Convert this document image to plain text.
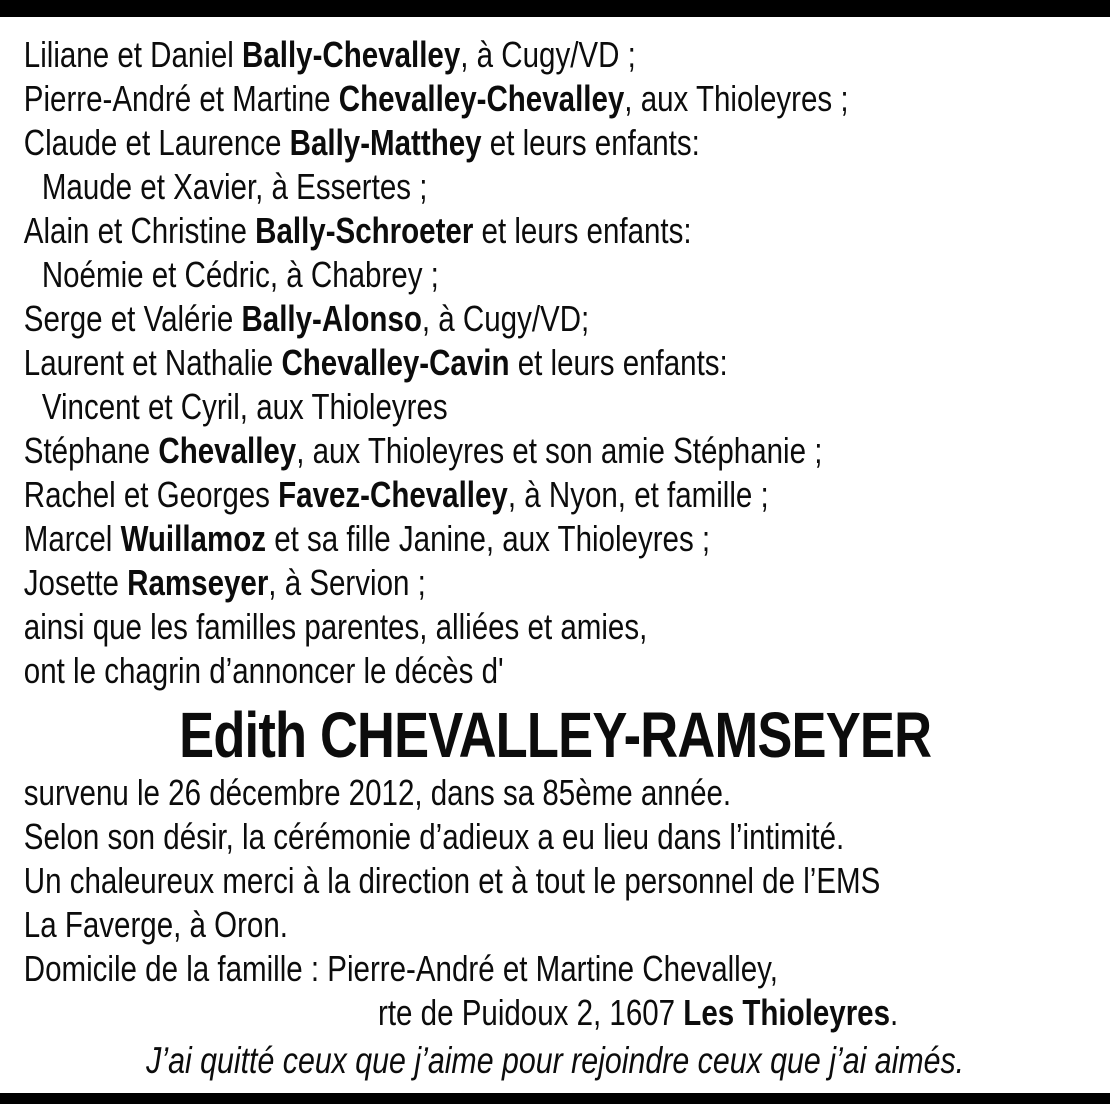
Liliane et Daniel Bally-Chevalley, à Cugy/VD ;
Pierre-André et Martine Chevalley-Chevalley, aux Thioleyres ;
Claude et Laurence Bally-Matthey et leurs enfants:
Maude et Xavier, à Essertes ;
Alain et Christine Bally-Schroeter et leurs enfants:
Noémie et Cédric, à Chabrey ;
Serge et Valérie Bally-Alonso, à Cugy/VD;
Laurent et Nathalie Chevalley-Cavin et leurs enfants:
Vincent et Cyril, aux Thioleyres
Stéphane Chevalley, aux Thioleyres et son amie Stéphanie ;
Rachel et Georges Favez-Chevalley, à Nyon, et famille ;
Marcel Wuillamoz et sa fille Janine, aux Thioleyres ;
Josette Ramseyer, à Servion ;
ainsi que les familles parentes, alliées et amies,
ont le chagrin d’annoncer le décès d'
Edith CHEVALLEY-RAMSEYER
survenu le 26 décembre 2012, dans sa 85ème année.
Selon son désir, la cérémonie d’adieux a eu lieu dans l’intimité.
Un chaleureux merci à la direction et à tout le personnel de l’EMS
La Faverge, à Oron.
Domicile de la famille : Pierre-André et Martine Chevalley,
rte de Puidoux 2, 1607 Les Thioleyres.
J’ai quitté ceux que j’aime pour rejoindre ceux que j’ai aimés.
